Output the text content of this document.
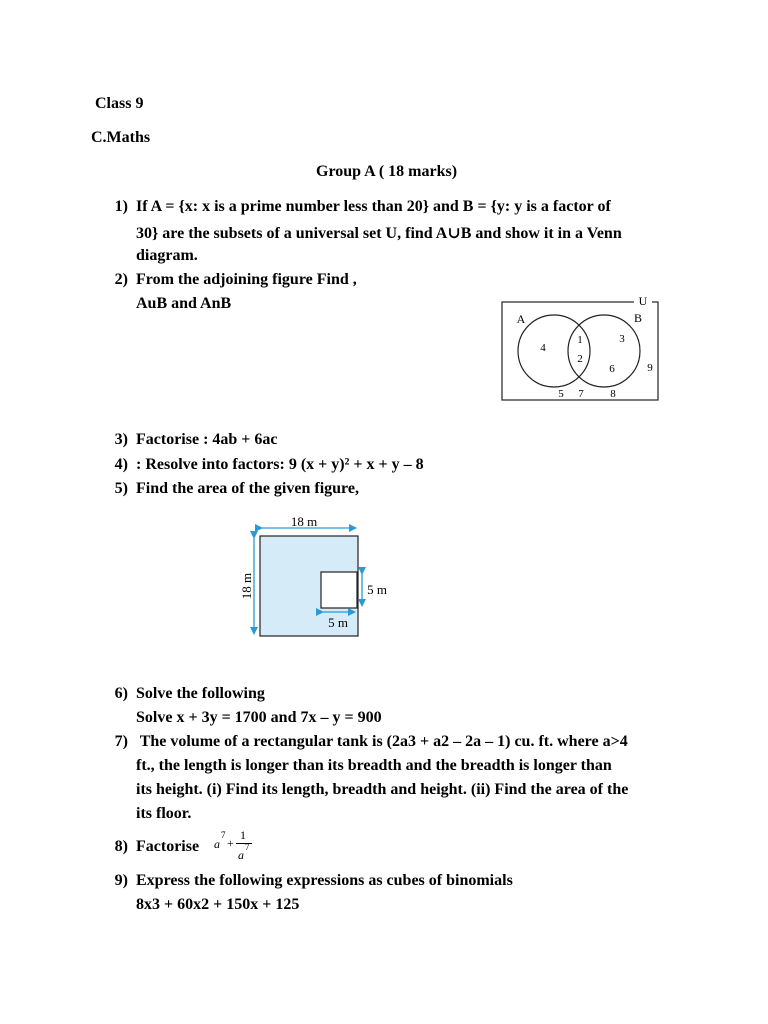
Class 9
C.Maths
Group A ( 18 marks)
1) If A = {x: x is a prime number less than 20} and B = {y: y is a factor of
30} are the subsets of a universal set U, find A∪B and show it in a Venn
diagram.
2) From the adjoining figure Find ,
AuB and AnB	U
A	B
4
1
2
3
6	9
5 7 8
3) Factorise : 4ab + 6ac
4) : Resolve into factors: 9 (x + y)² + x + y – 8
5) Find the area of the given figure,
18 m
18 m	5 m
5 m
6) Solve the following
Solve x + 3y = 1700 and 7x – y = 900
7) The volume of a rectangular tank is (2a3 + a2 – 2a – 1) cu. ft. where a>4
ft., the length is longer than its breadth and the breadth is longer than
its height. (i) Find its length, breadth and height. (ii) Find the area of the
its floor.
8) Factorise a
7
+
1
a
7
9) Express the following expressions as cubes of binomials
8x3 + 60x2 + 150x + 125
